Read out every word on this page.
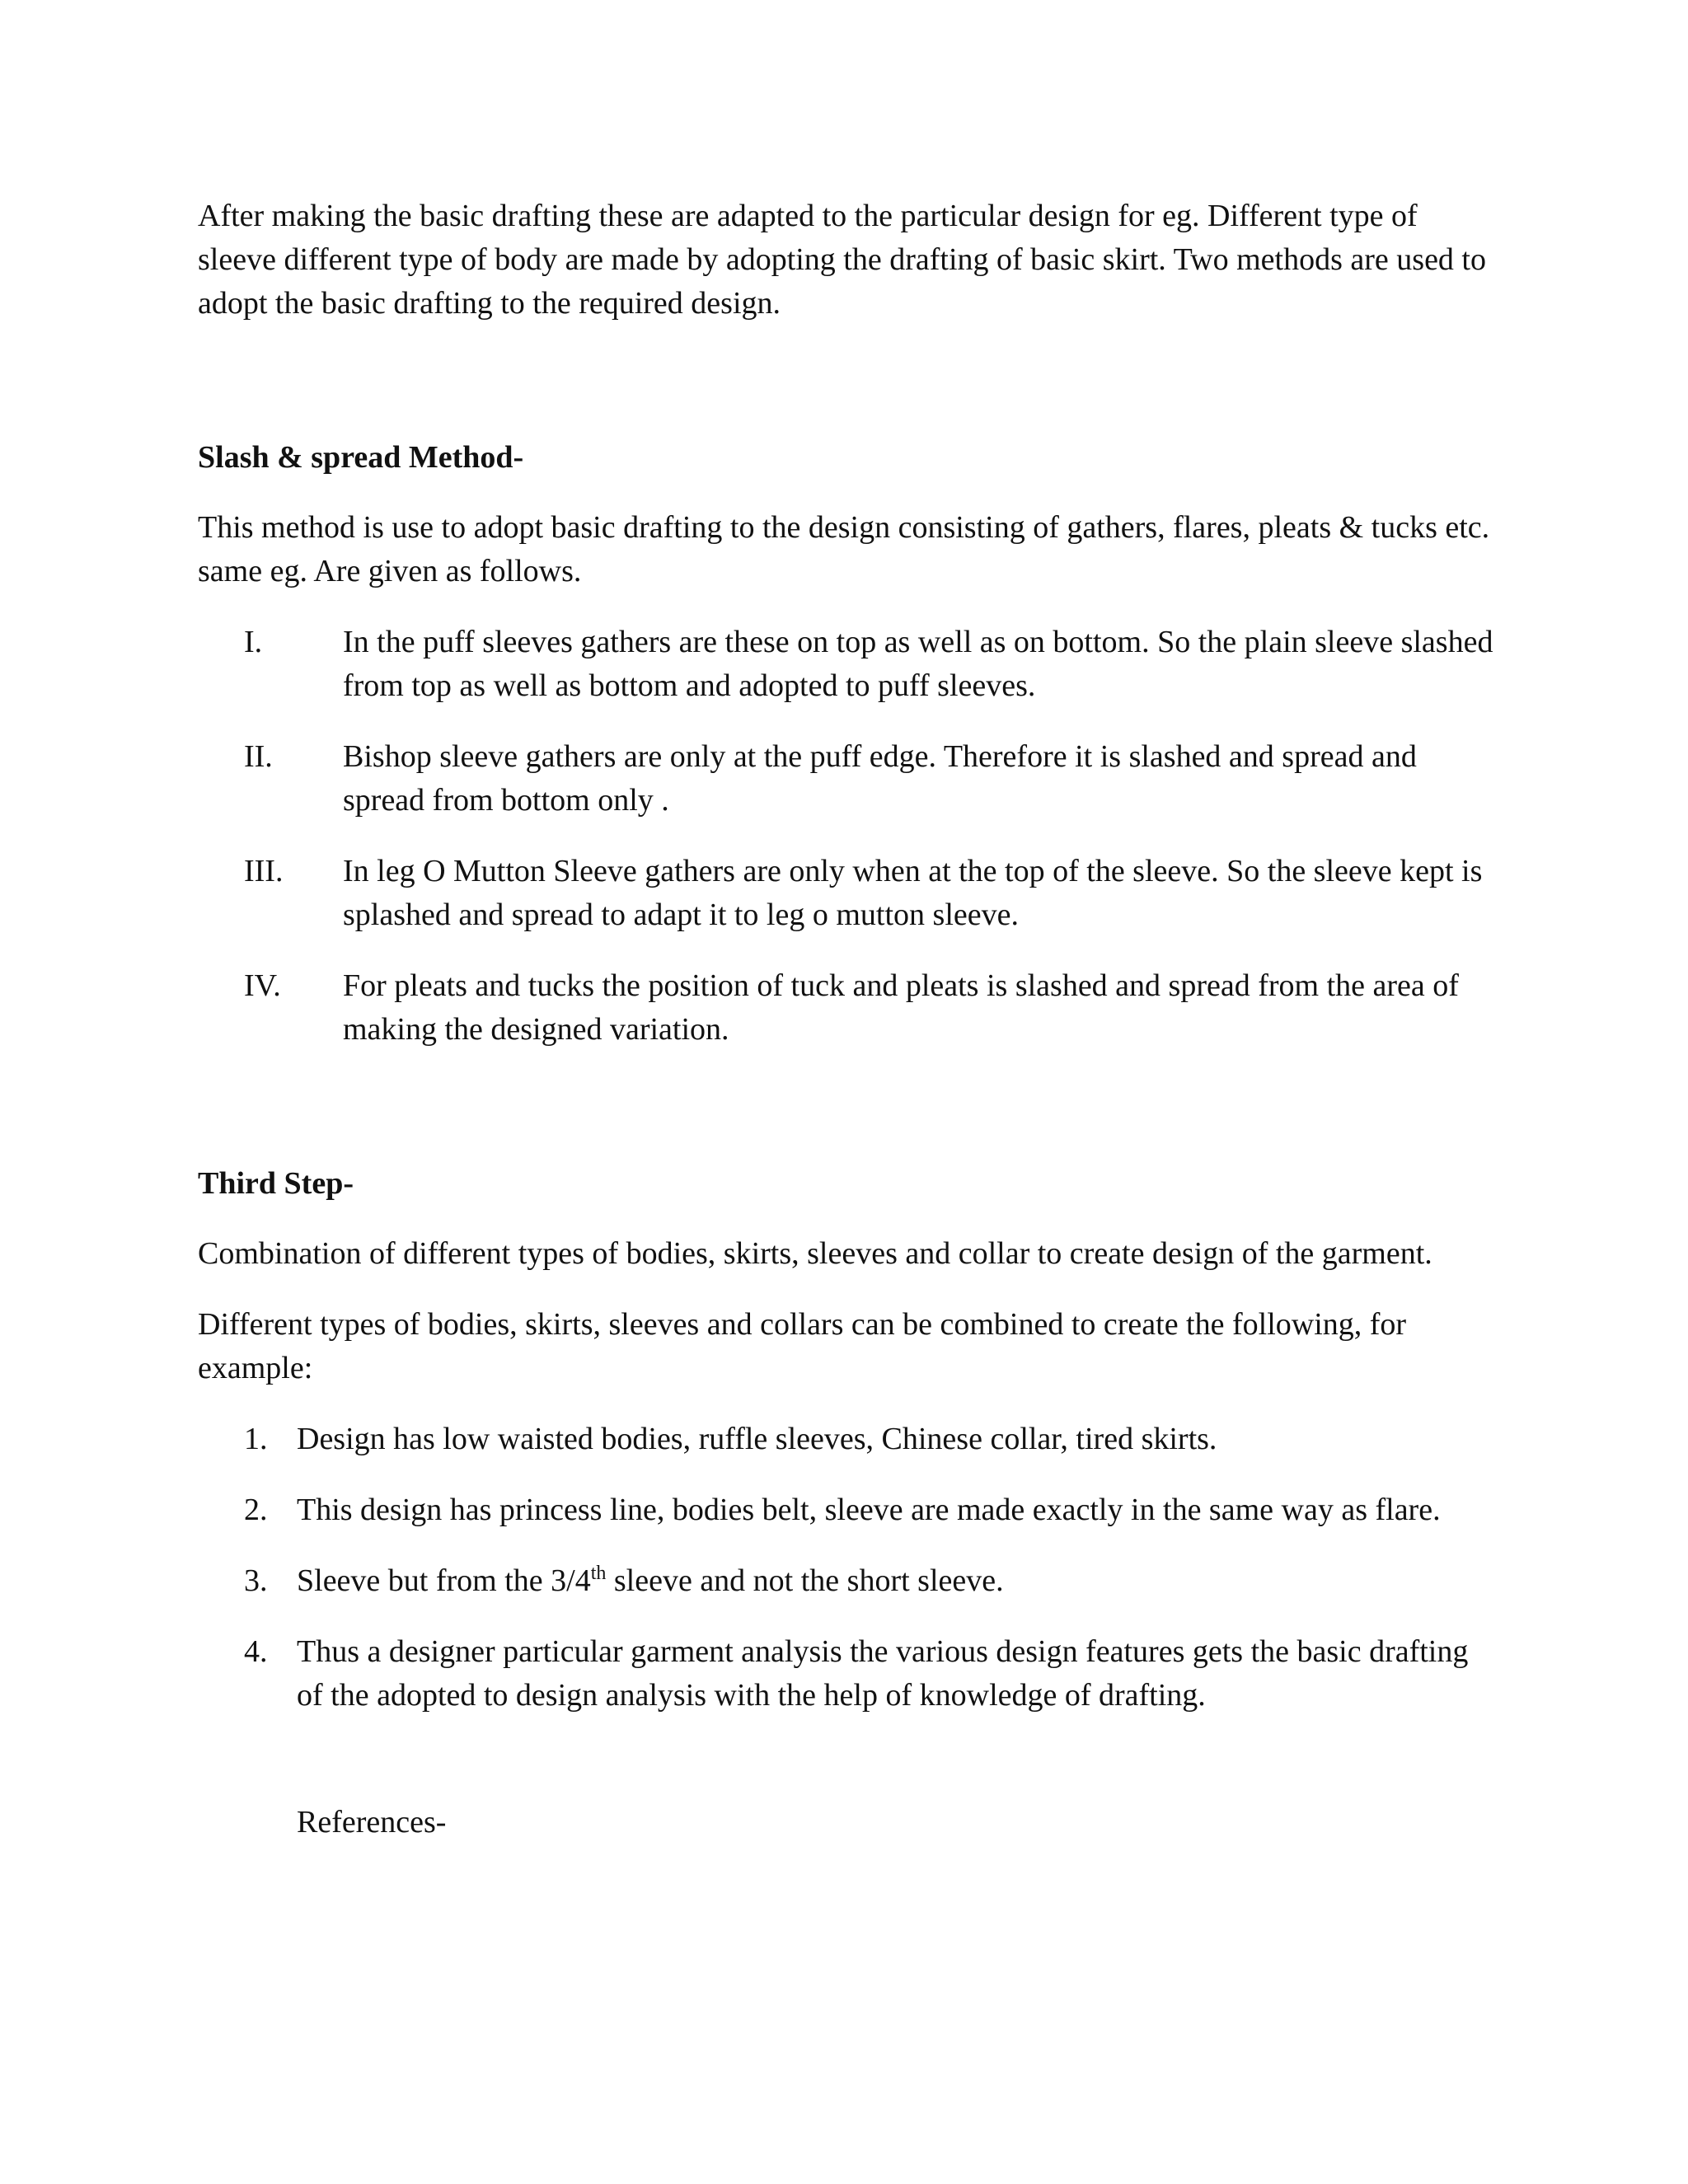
After making the basic drafting these are adapted to the particular design for eg. Different type of sleeve different type of body are made by adopting the drafting of basic skirt. Two methods are used to adopt the basic drafting to the required design.

Slash & spread Method-

This method is use to adopt basic drafting to the design consisting of gathers, flares, pleats & tucks etc. same eg. Are given as follows.

I.	In the puff sleeves gathers are these on top as well as on bottom. So the plain sleeve slashed from top as well as bottom and adopted to puff sleeves.
II. Bishop sleeve gathers are only at the puff edge. Therefore it is slashed and spread and spread from bottom only .
III. In leg O Mutton Sleeve gathers are only when at the top of the sleeve. So the sleeve kept is splashed and spread to adapt it to leg o mutton sleeve.
IV. For pleats and tucks the position of tuck and pleats is slashed and spread from the area of making the designed variation.

Third Step-

Combination of different types of bodies, skirts, sleeves and collar to create design of the garment.

Different types of bodies, skirts, sleeves and collars can be combined to create the following, for example:

1. Design has low waisted bodies, ruffle sleeves, Chinese collar, tired skirts.
2. This design has princess line, bodies belt, sleeve are made exactly in the same way as flare.
3. Sleeve but from the 3/4th sleeve and not the short sleeve.
4. Thus a designer particular garment analysis the various design features gets the basic drafting of the adopted to design analysis with the help of knowledge of drafting.

References-
